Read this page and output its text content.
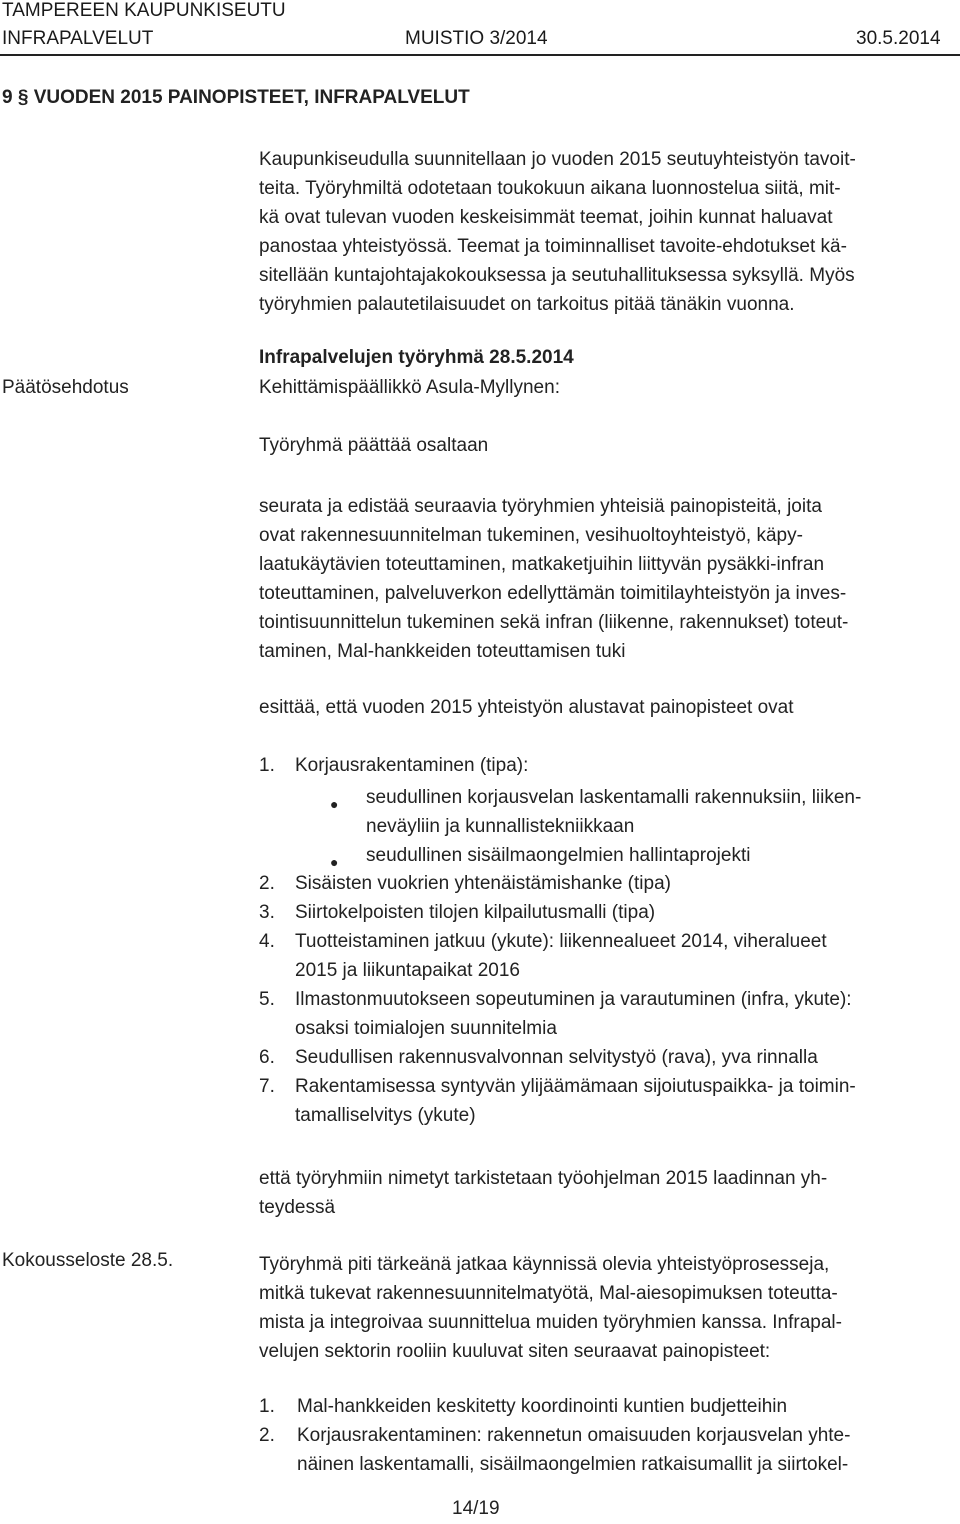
TAMPEREEN KAUPUNKISEUTU
INFRAPALVELUT	MUISTIO 3/2014	30.5.2014
9 § VUODEN 2015 PAINOPISTEET, INFRAPALVELUT
Kaupunkiseudulla suunnitellaan jo vuoden 2015 seutuyhteistyön tavoit-
teita. Työryhmiltä odotetaan toukokuun aikana luonnostelua siitä, mit-
kä ovat tulevan vuoden keskeisimmät teemat, joihin kunnat haluavat
panostaa yhteistyössä. Teemat ja toiminnalliset tavoite-ehdotukset kä-
sitellään kuntajohtajakokouksessa ja seutuhallituksessa syksyllä. Myös
työryhmien palautetilaisuudet on tarkoitus pitää tänäkin vuonna.
Infrapalvelujen työryhmä 28.5.2014
Päätösehdotus	Kehittämispäällikkö Asula-Myllynen:
Työryhmä päättää osaltaan
seurata ja edistää seuraavia työryhmien yhteisiä painopisteitä, joita
ovat rakennesuunnitelman tukeminen, vesihuoltoyhteistyö, käpy-
laatukäytävien toteuttaminen, matkaketjuihin liittyvän pysäkki-infran
toteuttaminen, palveluverkon edellyttämän toimitilayhteistyön ja inves-
tointisuunnittelun tukeminen sekä infran (liikenne, rakennukset) toteut-
taminen, Mal-hankkeiden toteuttamisen tuki
esittää, että vuoden 2015 yhteistyön alustavat painopisteet ovat
1. Korjausrakentaminen (tipa):
● seudullinen korjausvelan laskentamalli rakennuksiin, liiken-
neväyliin ja kunnallistekniikkaan
● seudullinen sisäilmaongelmien hallintaprojekti
2. Sisäisten vuokrien yhtenäistämishanke (tipa)
3. Siirtokelpoisten tilojen kilpailutusmalli (tipa)
4. Tuotteistaminen jatkuu (ykute): liikennealueet 2014, viheralueet
2015 ja liikuntapaikat 2016
5. Ilmastonmuutokseen sopeutuminen ja varautuminen (infra, ykute):
osaksi toimialojen suunnitelmia
6. Seudullisen rakennusvalvonnan selvitystyö (rava), yva rinnalla
7. Rakentamisessa syntyvän ylijäämämaan sijoiutuspaikka- ja toimin-
tamalliselvitys (ykute)
että työryhmiin nimetyt tarkistetaan työohjelman 2015 laadinnan yh-
teydessä
Kokousseloste 28.5.	Työryhmä piti tärkeänä jatkaa käynnissä olevia yhteistyöprosesseja,
mitkä tukevat rakennesuunnitelmatyötä, Mal-aiesopimuksen toteutta-
mista ja integroivaa suunnittelua muiden työryhmien kanssa. Infrapal-
velujen sektorin rooliin kuuluvat siten seuraavat painopisteet:
1. Mal-hankkeiden keskitetty koordinointi kuntien budjetteihin
2. Korjausrakentaminen: rakennetun omaisuuden korjausvelan yhte-
näinen laskentamalli, sisäilmaongelmien ratkaisumallit ja siirtokel-
14/19
